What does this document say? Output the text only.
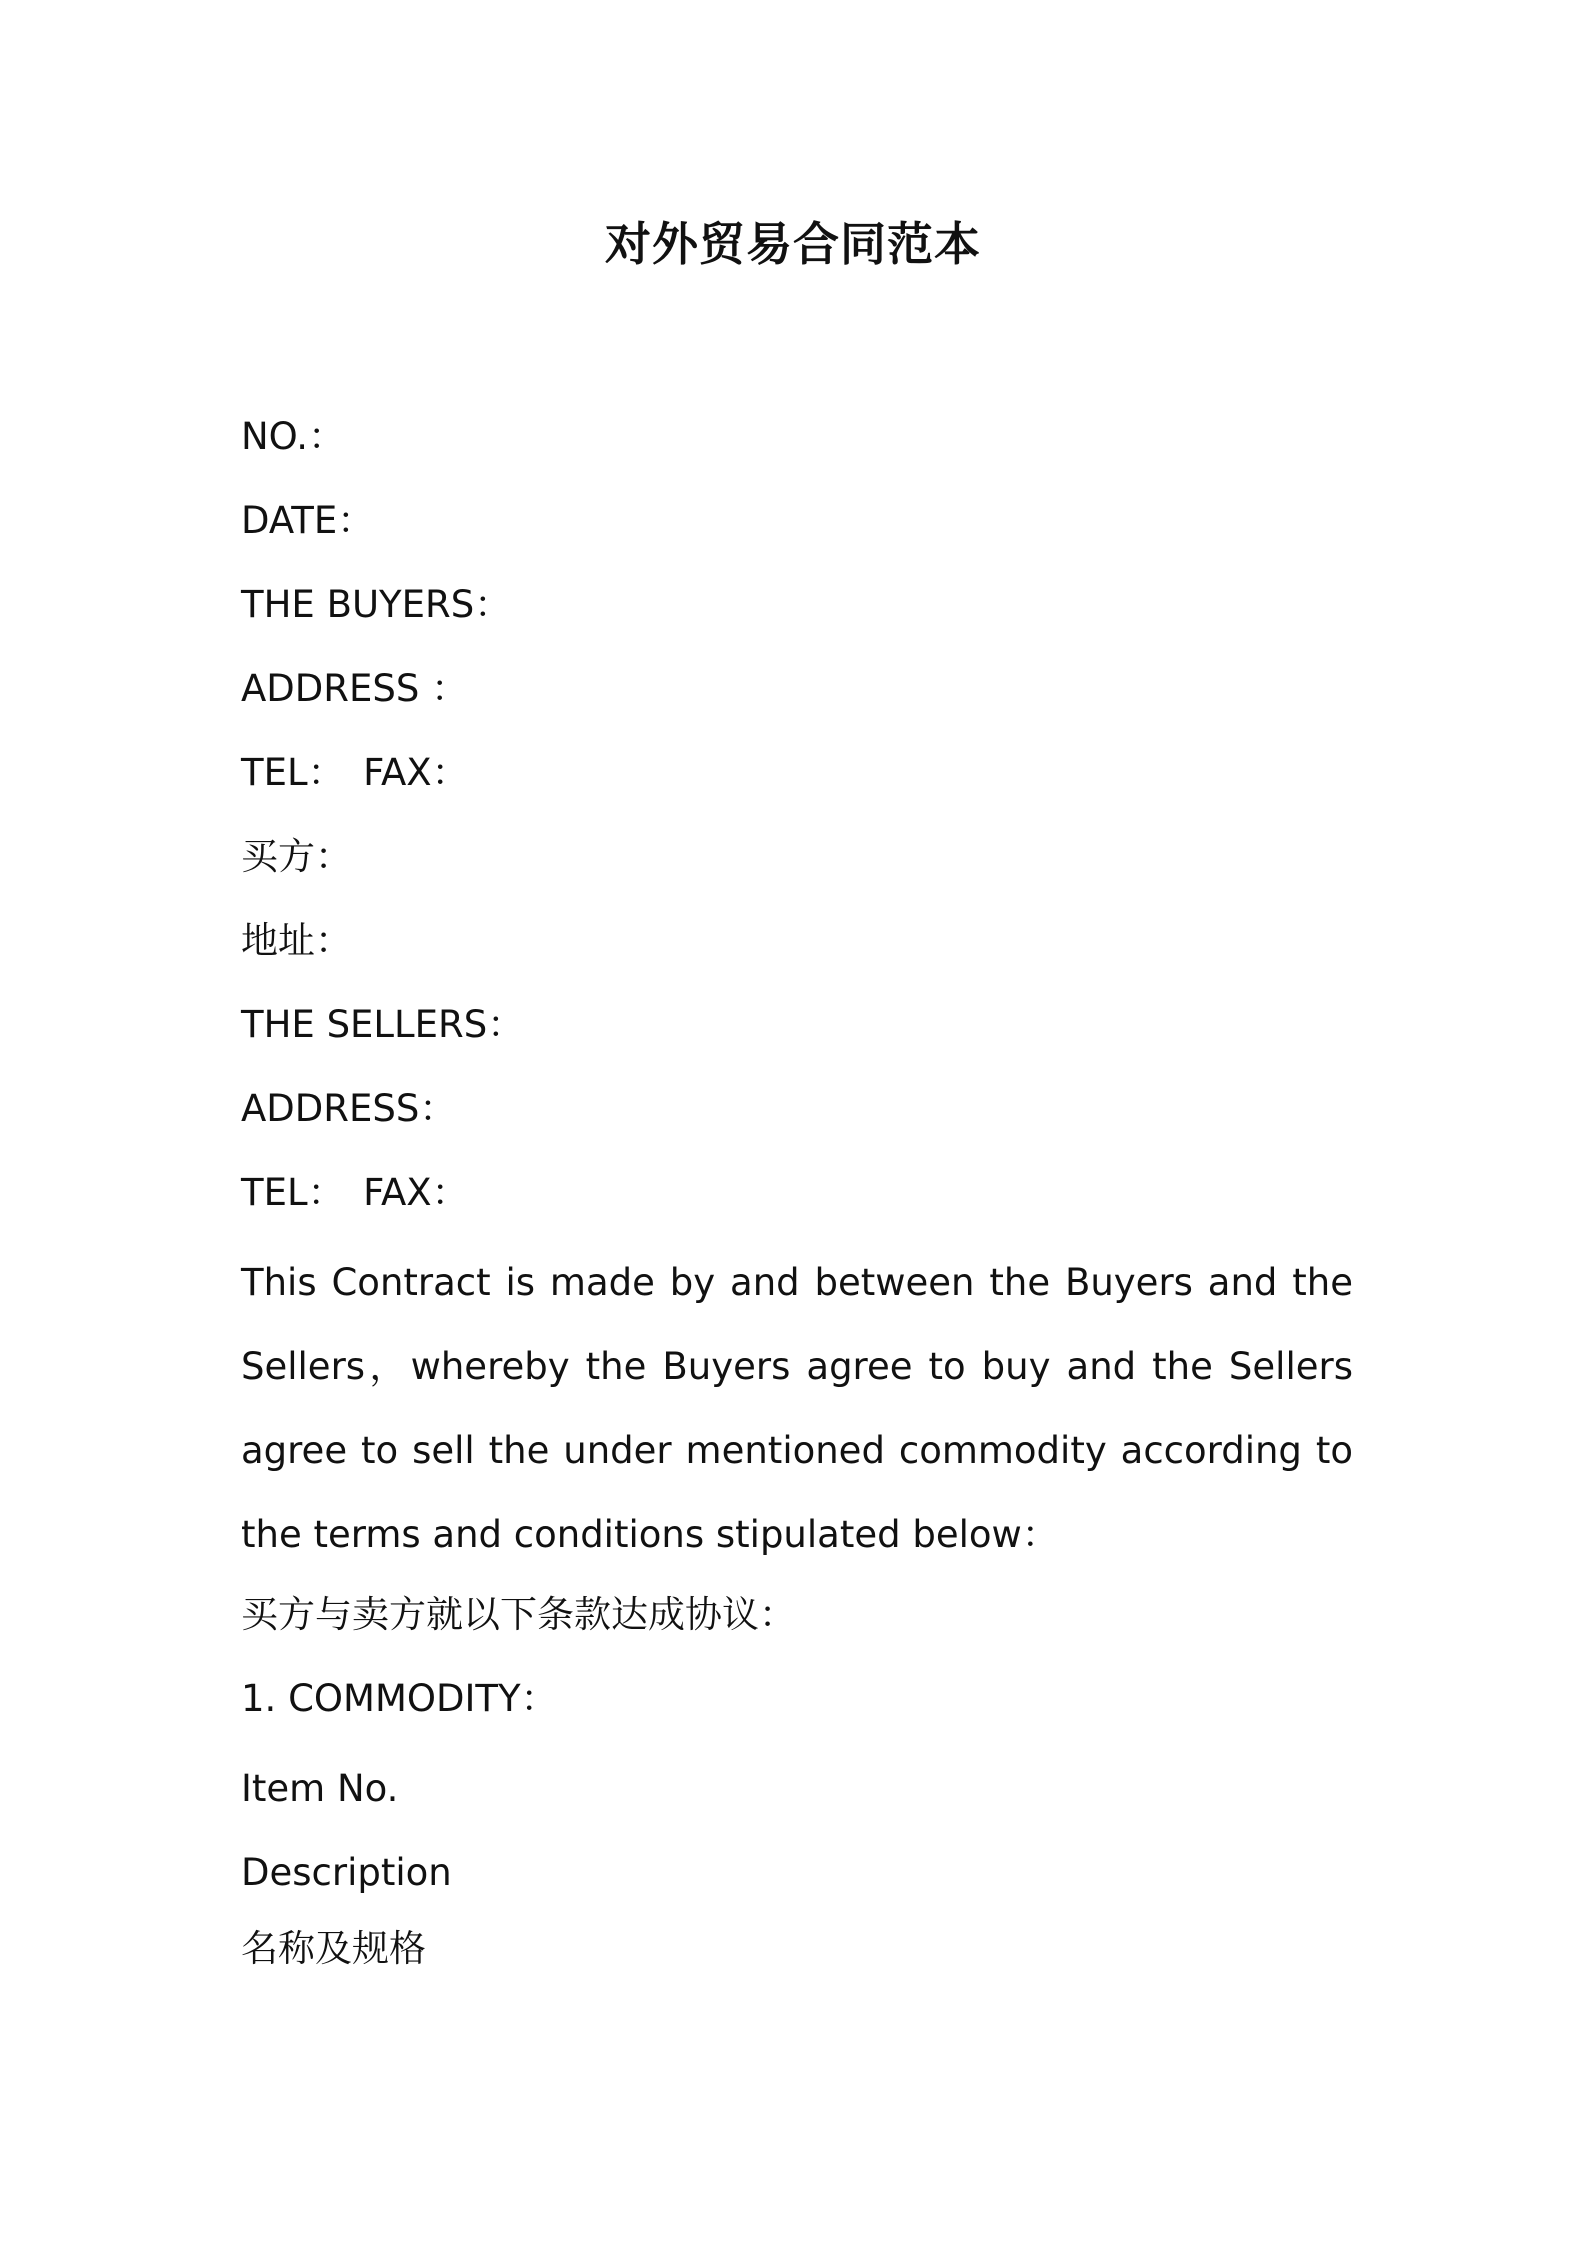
对外贸易合同范本
NO.：
DATE：
THE BUYERS：
ADDRESS ：
TEL：　FAX：
买方：
地址：
THE SELLERS：
ADDRESS：
TEL：　FAX：
This Contract is made by and between the Buyers and the Sellers，whereby the Buyers agree to buy and the Sellers agree to sell the under mentioned commodity according to the terms and conditions stipulated below：
买方与卖方就以下条款达成协议：
1. COMMODITY：
Item No.
Description
名称及规格
